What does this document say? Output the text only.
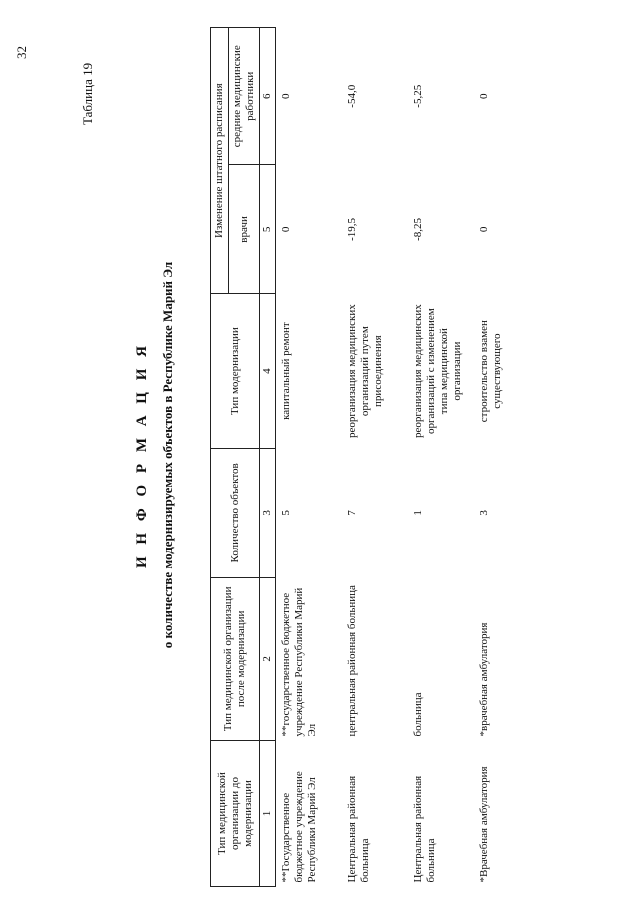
32
Таблица 19
И Н Ф О Р М А Ц И Я о количестве модернизируемых объектов в Республике Марий Эл
Тип медицинской организации до модернизации	Тип медицинской организации после модернизации	Количество объектов	Тип модернизации	Изменение штатного расписания	
				врачи	средние медицинские работники
1	2	3	4	5	6
**Государственное бюджетное учреждение Республики Марий Эл	**государственное бюджетное учреждение Республики Марий Эл	5	капитальный ремонт	0	0
Центральная районная больница	центральная районная больница	7	реорганизация медицинских организаций путем присоединения	-19,5	-54,0
Центральная районная больница	больница	1	реорганизация медицинских организаций с изменением типа медицинской организации	-8,25	-5,25
*Врачебная амбулатория	*врачебная амбулатория	3	строительство взамен существующего	0	0
